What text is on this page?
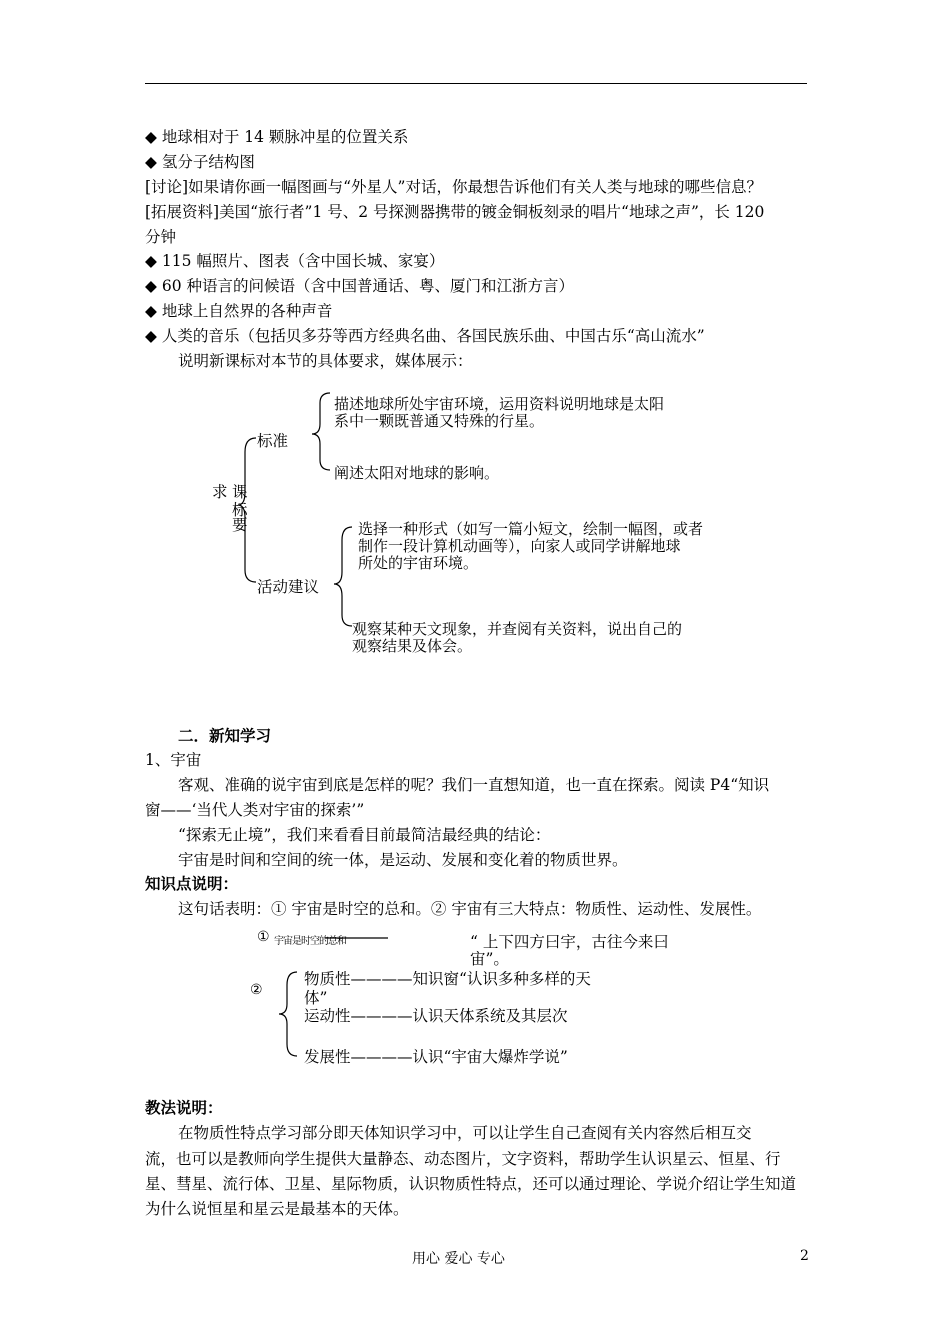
◆ 地球相对于 14 颗脉冲星的位置关系
◆ 氢分子结构图
[讨论]如果请你画一幅图画与“外星人”对话，你最想告诉他们有关人类与地球的哪些信息？
[拓展资料]美国“旅行者”1 号、2 号探测器携带的镀金铜板刻录的唱片“地球之声”，长 120
分钟
◆ 115 幅照片、图表（含中国长城、家宴）
◆ 60 种语言的问候语（含中国普通话、粤、厦门和江浙方言）
◆ 地球上自然界的各种声音
◆ 人类的音乐（包括贝多芬等西方经典名曲、各国民族乐曲、中国古乐“高山流水”
说明新课标对本节的具体要求，媒体展示：
求 课
标
要
标准
描述地球所处宇宙环境，运用资料说明地球是太阳
系中一颗既普通又特殊的行星。
阐述太阳对地球的影响。
活动建议
选择一种形式（如写一篇小短文，绘制一幅图，或者
制作一段计算机动画等），向家人或同学讲解地球
所处的宇宙环境。
观察某种天文现象，并查阅有关资料，说出自己的
观察结果及体会。
二．新知学习
1、宇宙
客观、准确的说宇宙到底是怎样的呢？我们一直想知道，也一直在探索。阅读 P4“知识
窗——‘当代人类对宇宙的探索’”
“探索无止境”，我们来看看目前最简洁最经典的结论：
宇宙是时间和空间的统一体，是运动、发展和变化着的物质世界。
知识点说明：
这句话表明：① 宇宙是时空的总和。② 宇宙有三大特点：物质性、运动性、发展性。
① 宇宙是时空的总和	“ 上下四方曰宇，古往今来曰
宙”。
②
物质性————知识窗“认识多种多样的天
体”
运动性————认识天体系统及其层次
发展性————认识“宇宙大爆炸学说”
教法说明：
在物质性特点学习部分即天体知识学习中，可以让学生自己查阅有关内容然后相互交
流，也可以是教师向学生提供大量静态、动态图片，文字资料，帮助学生认识星云、恒星、行
星、彗星、流行体、卫星、星际物质，认识物质性特点，还可以通过理论、学说介绍让学生知道
为什么说恒星和星云是最基本的天体。
用心 爱心 专心	2
